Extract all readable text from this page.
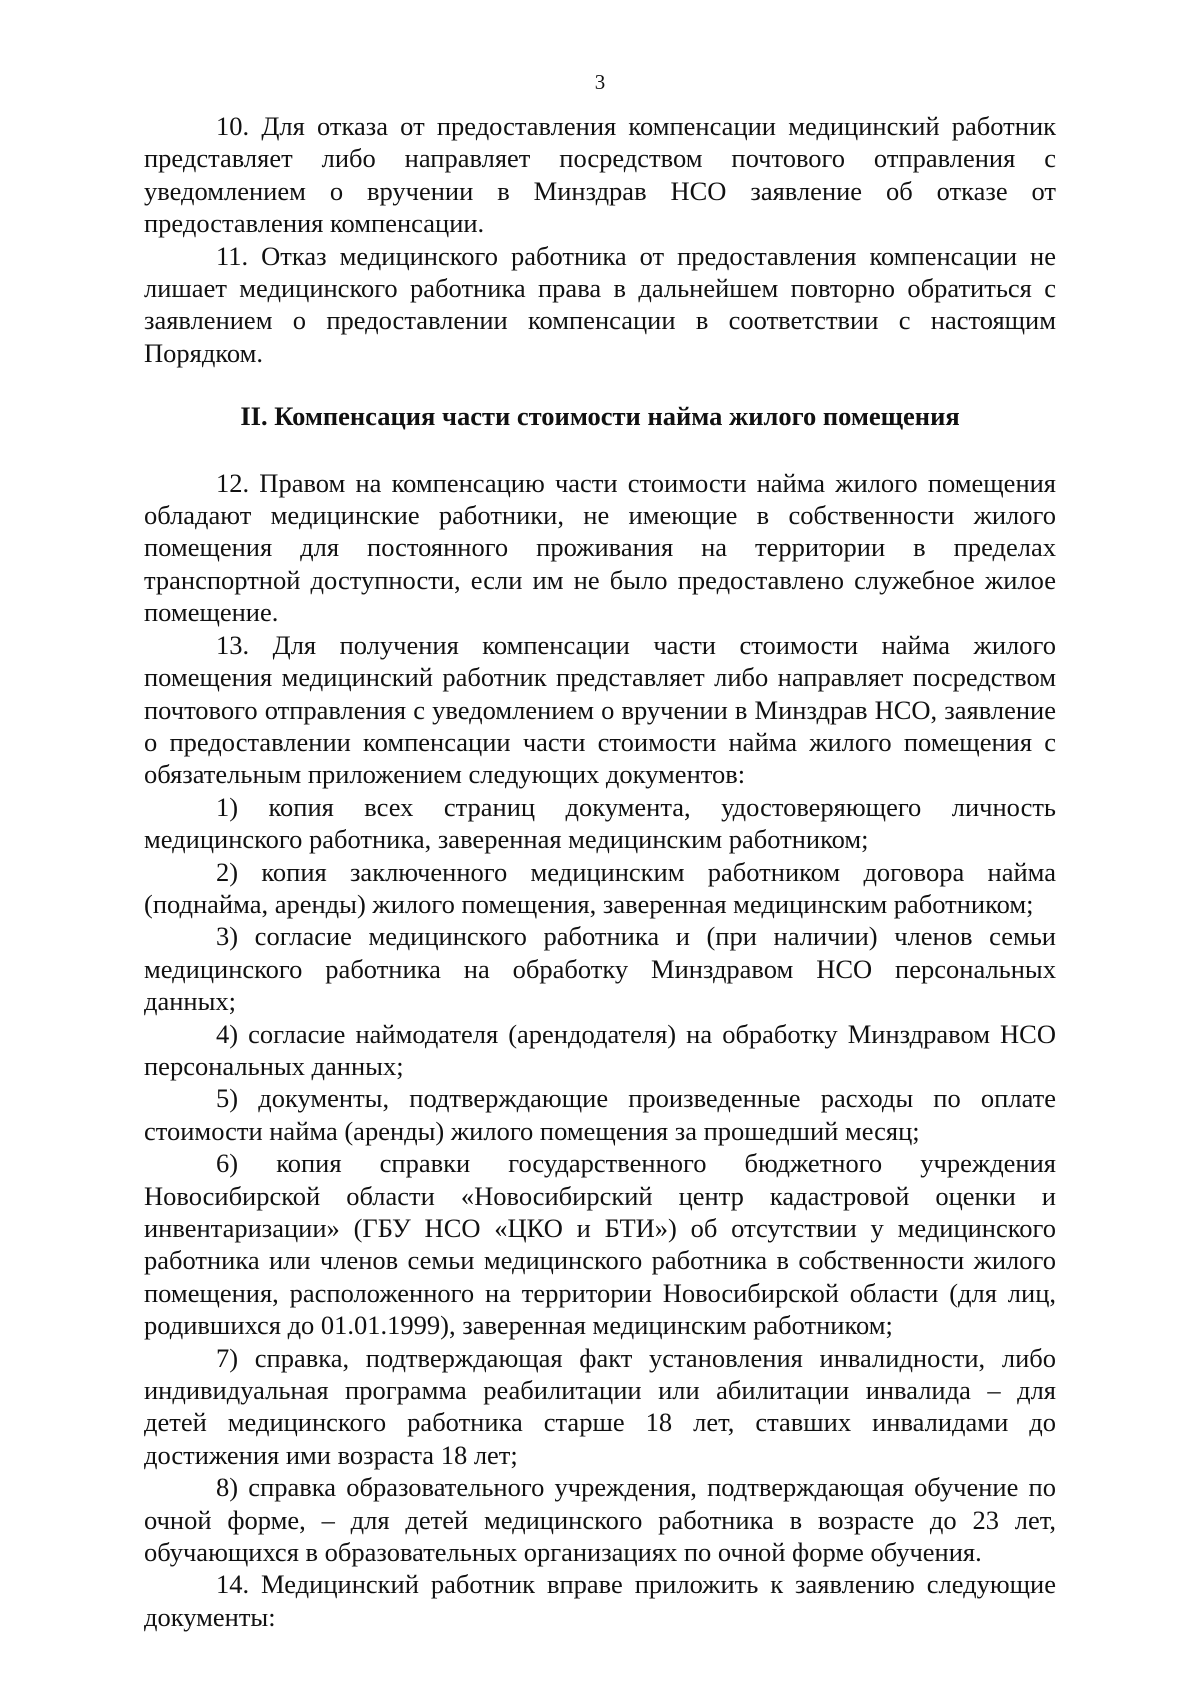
3

10. Для отказа от предоставления компенсации медицинский работник представляет либо направляет посредством почтового отправления с уведомлением о вручении в Минздрав НСО заявление об отказе от предоставления компенсации.

11. Отказ медицинского работника от предоставления компенсации не лишает медицинского работника права в дальнейшем повторно обратиться с заявлением о предоставлении компенсации в соответствии с настоящим Порядком.

II. Компенсация части стоимости найма жилого помещения

12. Правом на компенсацию части стоимости найма жилого помещения обладают медицинские работники, не имеющие в собственности жилого помещения для постоянного проживания на территории в пределах транспортной доступности, если им не было предоставлено служебное жилое помещение.

13. Для получения компенсации части стоимости найма жилого помещения медицинский работник представляет либо направляет посредством почтового отправления с уведомлением о вручении в Минздрав НСО, заявление о предоставлении компенсации части стоимости найма жилого помещения с обязательным приложением следующих документов:

1) копия всех страниц документа, удостоверяющего личность медицинского работника, заверенная медицинским работником;

2) копия заключенного медицинским работником договора найма (поднайма, аренды) жилого помещения, заверенная медицинским работником;

3) согласие медицинского работника и (при наличии) членов семьи медицинского работника на обработку Минздравом НСО персональных данных;

4) согласие наймодателя (арендодателя) на обработку Минздравом НСО персональных данных;

5) документы, подтверждающие произведенные расходы по оплате стоимости найма (аренды) жилого помещения за прошедший месяц;

6) копия справки государственного бюджетного учреждения Новосибирской области «Новосибирский центр кадастровой оценки и инвентаризации» (ГБУ НСО «ЦКО и БТИ») об отсутствии у медицинского работника или членов семьи медицинского работника в собственности жилого помещения, расположенного на территории Новосибирской области (для лиц, родившихся до 01.01.1999), заверенная медицинским работником;

7) справка, подтверждающая факт установления инвалидности, либо индивидуальная программа реабилитации или абилитации инвалида – для детей медицинского работника старше 18 лет, ставших инвалидами до достижения ими возраста 18 лет;

8) справка образовательного учреждения, подтверждающая обучение по очной форме, – для детей медицинского работника в возрасте до 23 лет, обучающихся в образовательных организациях по очной форме обучения.

14. Медицинский работник вправе приложить к заявлению следующие документы:
